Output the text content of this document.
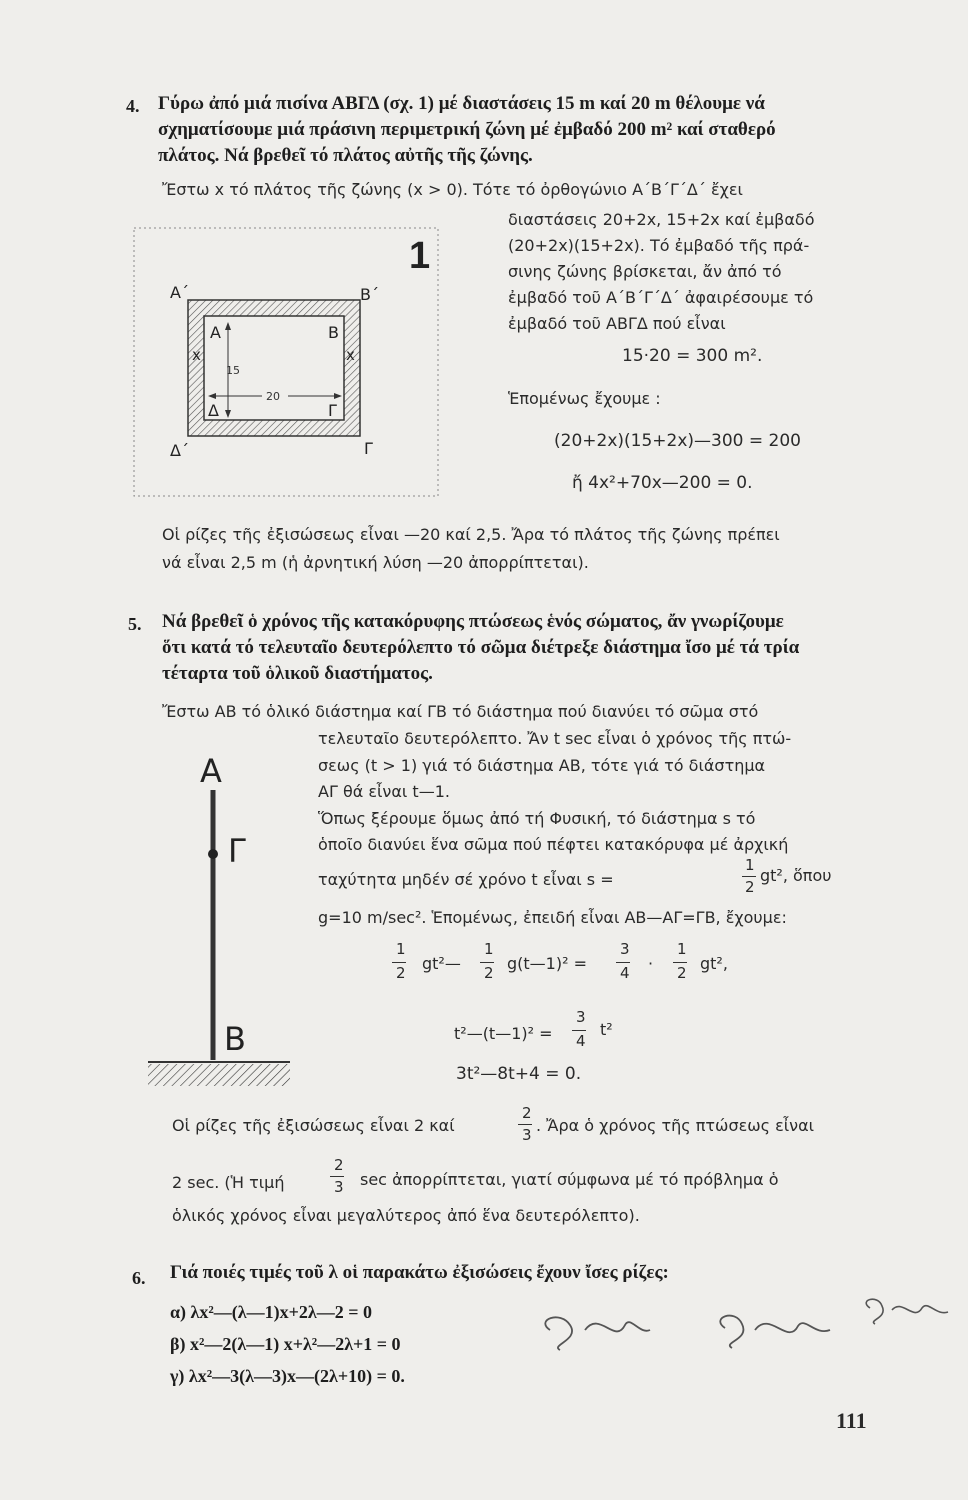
4. Γύρω ἀπό μιά πισίνα ΑΒΓΔ (σχ. 1) μέ διαστάσεις 15 m καί 20 m θέλουμε νά
σχηματίσουμε μιά πράσινη περιμετρική ζώνη μέ ἐμβαδό 200 m² καί σταθερό
πλάτος. Νά βρεθεῖ τό πλάτος αὐτῆς τῆς ζώνης.
Ἔστω x τό πλάτος τῆς ζώνης (x > 0). Τότε τό ὀρθογώνιο Α΄Β΄Γ΄Δ΄ ἔχει
διαστάσεις 20+2x, 15+2x καί ἐμβαδό
(20+2x)(15+2x). Τό ἐμβαδό τῆς πρά-
σινης ζώνης βρίσκεται, ἄν ἀπό τό
ἐμβαδό τοῦ Α΄Β΄Γ΄Δ΄ ἀφαιρέσουμε τό
ἐμβαδό τοῦ ΑΒΓΔ πού εἶναι
15·20 = 300 m².
Ἑπομένως ἔχουμε :
(20+2x)(15+2x)—300 = 200
ἤ 4x²+70x—200 = 0.
Οἱ ρίζες τῆς ἐξισώσεως εἶναι —20 καί 2,5. Ἄρα τό πλάτος τῆς ζώνης πρέπει
νά εἶναι 2,5 m (ἡ ἀρνητική λύση —20 ἀπορρίπτεται).
15
20
1
Α΄	Β΄
Γ
Δ΄
Α	Β
Γ
Δ
x	x
5. Νά βρεθεῖ ὁ χρόνος τῆς κατακόρυφης πτώσεως ἑνός σώματος, ἄν γνωρίζουμε
ὅτι κατά τό τελευταῖο δευτερόλεπτο τό σῶμα διέτρεξε διάστημα ἴσο μέ τά τρία
τέταρτα τοῦ ὁλικοῦ διαστήματος.
Ἔστω ΑΒ τό ὁλικό διάστημα καί ΓΒ τό διάστημα πού διανύει τό σῶμα στό
τελευταῖο δευτερόλεπτο. Ἄν t sec εἶναι ὁ χρόνος τῆς πτώ-
σεως (t > 1) γιά τό διάστημα ΑΒ, τότε γιά τό διάστημα
ΑΓ θά εἶναι t—1.
Ὅπως ξέρουμε ὅμως ἀπό τή Φυσική, τό διάστημα s τό
ὁποῖο διανύει ἕνα σῶμα πού πέφτει κατακόρυφα μέ ἀρχική
ταχύτητα μηδέν σέ χρόνο t εἶναι s =
1
2
gt², ὅπου
g=10 m/sec². Ἑπομένως, ἐπειδή εἶναι ΑΒ—ΑΓ=ΓΒ, ἔχουμε:
1
2 gt²—
1
2 g(t—1)² =
3
4 ·
1
2 gt²,
t²—(t—1)² =
3
4
t²
3t²—8t+4 = 0.
Οἱ ρίζες τῆς ἐξισώσεως εἶναι 2 καί
2
3 . Ἄρα ὁ χρόνος τῆς πτώσεως εἶναι
2 sec. (Ἡ τιμή
2
3 sec ἀπορρίπτεται, γιατί σύμφωνα μέ τό πρόβλημα ὁ
ὁλικός χρόνος εἶναι μεγαλύτερος ἀπό ἕνα δευτερόλεπτο).
Α
Γ
Β
6. Γιά ποιές τιμές τοῦ λ οἱ παρακάτω ἐξισώσεις ἔχουν ἴσες ρίζες:
α) λx²—(λ—1)x+2λ—2 = 0
β) x²—2(λ—1) x+λ²—2λ+1 = 0
γ) λx²—3(λ—3)x—(2λ+10) = 0.
111
